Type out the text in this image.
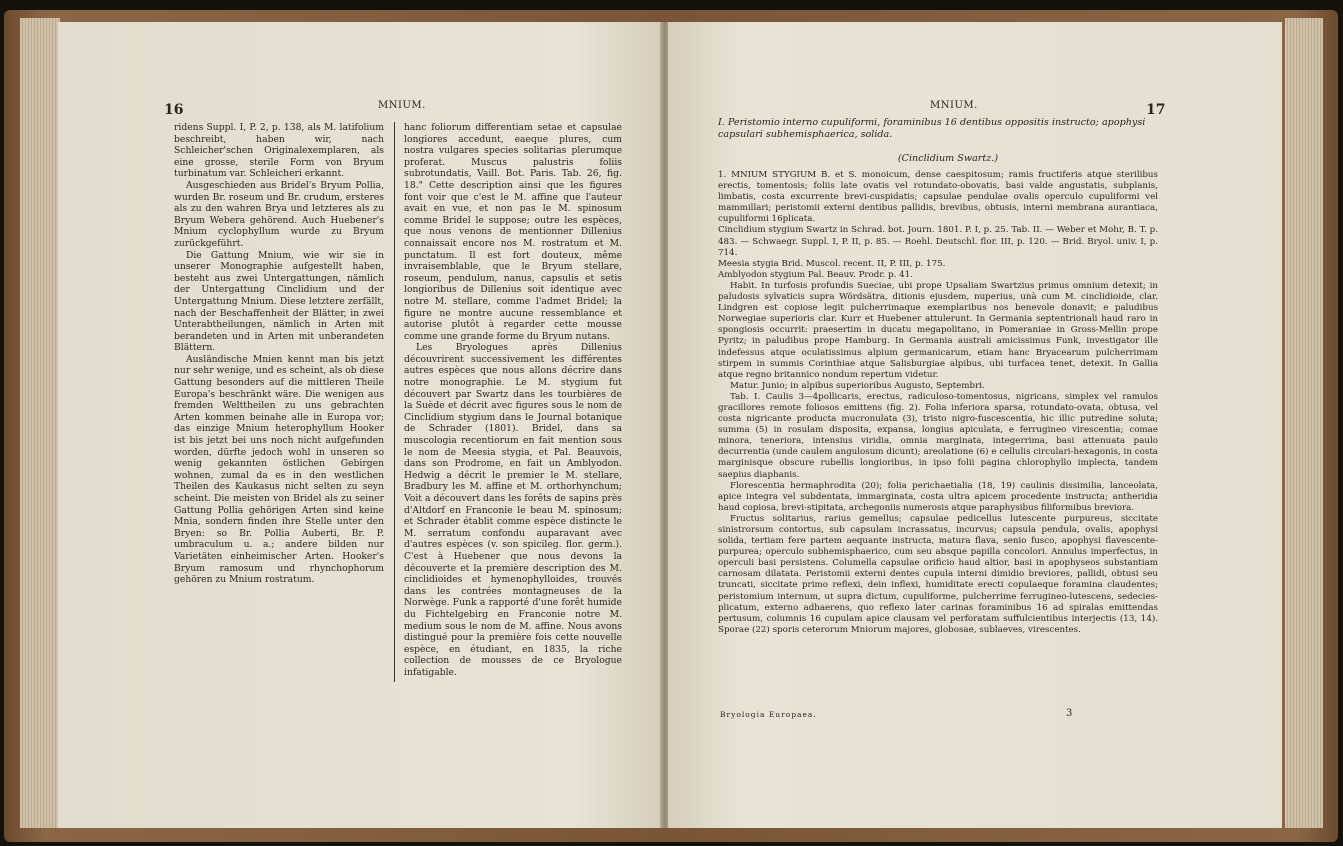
16	MNIUM.

ridens Suppl. I, P. 2, p. 138, als M. latifolium beschreibt, haben wir, nach Schleicher'schen Originalexemplaren, als eine grosse, sterile Form von Bryum turbinatum var. Schleicheri erkannt.

Ausgeschieden aus Bridel's Bryum Pollia, wurden Br. roseum und Br. crudum, ersteres als zu den wahren Brya und letzteres als zu Bryum Webera gehörend. Auch Huebener's Mnium cyclophyllum wurde zu Bryum zurückgeführt.

Die Gattung Mnium, wie wir sie in unserer Monographie aufgestellt haben, besteht aus zwei Untergattungen, nämlich der Untergattung Cinclidium und der Untergattung Mnium. Diese letztere zerfällt, nach der Beschaffenheit der Blätter, in zwei Unterabtheilungen, nämlich in Arten mit berandeten und in Arten mit unberandeten Blättern.

Ausländische Mnien kennt man bis jetzt nur sehr wenige, und es scheint, als ob diese Gattung besonders auf die mittleren Theile Europa's beschränkt wäre. Die wenigen aus fremden Welttheilen zu uns gebrachten Arten kommen beinahe alle in Europa vor; das einzige Mnium heterophyllum Hooker ist bis jetzt bei uns noch nicht aufgefunden worden, dürfte jedoch wohl in unseren so wenig gekannten östlichen Gebirgen wohnen, zumal da es in den westlichen Theilen des Kaukasus nicht selten zu seyn scheint. Die meisten von Bridel als zu seiner Gattung Pollia gehörigen Arten sind keine Mnia, sondern finden ihre Stelle unter den Bryen: so Br. Pollia Auberti, Br. P. umbraculum u. a.; andere bilden nur Varietäten einheimischer Arten. Hooker's Bryum ramosum und rhynchophorum gehören zu Mnium rostratum.

hanc foliorum differentiam setae et capsulae longiores accedunt, eaeque plures, cum nostra vulgares species solitarias plerumque proferat. Muscus palustris foliis subrotundatis, Vaill. Bot. Paris. Tab. 26, fig. 18." Cette description ainsi que les figures font voir que c'est le M. affine que l'auteur avait en vue, et non pas le M. spinosum comme Bridel le suppose; outre les espèces, que nous venons de mentionner Dillenius connaissait encore nos M. rostratum et M. punctatum. Il est fort douteux, même invraisemblable, que le Bryum stellare, roseum, pendulum, nanus, capsulis et setis longioribus de Dillenius soit identique avec notre M. stellare, comme l'admet Bridel; la figure ne montre aucune ressemblance et autorise plutôt à regarder cette mousse comme une grande forme du Bryum nutans.

Les Bryologues après Dillenius découvrirent successivement les différentes autres espèces que nous allons décrire dans notre monographie. Le M. stygium fut découvert par Swartz dans les tourbières de la Suède et décrit avec figures sous le nom de Cinclidium stygium dans le Journal botanique de Schrader (1801). Bridel, dans sa muscologia recentiorum en fait mention sous le nom de Meesia stygia, et Pal. Beauvois, dans son Prodrome, en fait un Amblyodon. Hedwig a décrit le premier le M. stellare, Bradbury les M. affine et M. orthorhynchum; Voit a découvert dans les forêts de sapins près d'Altdorf en Franconie le beau M. spinosum; et Schrader établit comme espèce distincte le M. serratum confondu auparavant avec d'autres espèces (v. son spicileg. flor. germ.). C'est à Huebener que nous devons la découverte et la première description des M. cinclidioides et hymenophylloides, trouvés dans les contrées montagneuses de la Norwège. Funk a rapporté d'une forêt humide du Fichtelgebirg en Franconie notre M. medium sous le nom de M. affine. Nous avons distingué pour la première fois cette nouvelle espèce, en étudiant, en 1835, la riche collection de mousses de ce Bryologue infatigable.

MNIUM.	17
I. Peristomio interno cupuliformi, foraminibus 16 dentibus oppositis instructo; apophysi capsulari subhemisphaerica, solida.
(Cinclidium Swartz.)

1. MNIUM STYGIUM B. et S. monoicum, dense caespitosum; ramis fructiferis atque sterilibus erectis, tomentosis; foliis late ovatis vel rotundato-obovatis, basi valde angustatis, subplanis, limbatis, costa excurrente brevi-cuspidatis; capsulae pendulae ovalis operculo cupuliformi vel mammillari; peristomii externi dentibus pallidis, brevibus, obtusis, interni membrana aurantiaca, cupuliformi 16plicata.

Cinclidium stygium Swartz in Schrad. bot. Journ. 1801. P. I, p. 25. Tab. II. — Weber et Mohr, B. T. p. 483. — Schwaegr. Suppl. I, P. II, p. 85. — Roehl. Deutschl. flor. III, p. 120. — Brid. Bryol. univ. I, p. 714.

Meesia stygia Brid. Muscol. recent. II, P. III, p. 175.

Amblyodon stygium Pal. Beauv. Prodr. p. 41.

Habit. In turfosis profundis Sueciae, ubi prope Upsaliam Swartzius primus omnium detexit; in paludosis sylvaticis supra Wördsätra, ditionis ejusdem, nuperius, unà cum M. cinclidioide, clar. Lindgren est copiose legit pulcherrimaque exemplaribus nos benevole donavit; e paludibus Norwegiae superioris clar. Kurr et Huebener attulerunt. In Germania septentrionali haud raro in spongiosis occurrit: praesertim in ducatu megapolitano, in Pomeraniae in Gross-Mellin prope Pyritz; in paludibus prope Hamburg. In Germania australi amicissimus Funk, investigator ille indefessus atque oculatissimus alpium germanicarum, etiam hanc Bryacearum pulcherrimam stirpem in summis Corinthiae atque Salisburgiae alpibus, ubi turfacea tenet, detexit. In Gallia atque regno britannico nondum repertum videtur.

Matur. Junio; in alpibus superioribus Augusto, Septembri.

Tab. I. Caulis 3—4pollicaris, erectus, radiculoso-tomentosus, nigricans, simplex vel ramulos gracillores remote foliosos emittens (fig. 2). Folia inferiora sparsa, rotundato-ovata, obtusa, vel costa nigricante producta mucronulata (3), tristo nigro-fuscescentia, hic illic putredine soluta; summa (5) in rosulam disposita, expansa, longius apiculata, e ferrugineo virescentia; comae minora, teneriora, intensius viridia, omnia marginata, integerrima, basi attenuata paulo decurrentia (unde caulem angulosum dicunt); areolatione (6) e cellulis circulari-hexagonis, in costa marginisque obscure rubellis longioribus, in ipso folii pagina chlorophyllo implecta, tandem saepius diaphanis.

Florescentia hermaphrodita (20); folia perichaetialia (18, 19) caulinis dissimilia, lanceolata, apice integra vel subdentata, immarginata, costa ultra apicem procedente instructa; antheridia haud copiosa, brevi-stipitata, archegoniis numerosis atque paraphysibus filiformibus breviora.

Fructus solitarius, rarius gemellus; capsulae pedicellus lutescente purpureus, siccitate sinistrorsum contortus, sub capsulam incrassatus, incurvus; capsula pendula, ovalis, apophysi solida, tertiam fere partem aequante instructa, matura flava, senio fusco, apophysi flavescente-purpurea; operculo subhemisphaerico, cum seu absque papilla concolori. Annulus imperfectus, in operculi basi persistens. Columella capsulae orificio haud altior, basi in apophyseos substantiam carnosam dilatata. Peristomii externi dentes cupula interni dimidio breviores, pallidi, obtusi seu truncati, siccitate primo reflexi, dein inflexi, humiditate erecti copulaeque foramina claudentes; peristomium internum, ut supra dictum, cupuliforme, pulcherrime ferrugineo-lutescens, sedecies-plicatum, externo adhaerens, quo reflexo later carinas foraminibus 16 ad spiralas emittendas pertusum, columnis 16 cupulam apice clausam vel perforatam suffulcientibus interjectis (13, 14). Sporae (22) sporis ceterorum Mniorum majores, globosae, sublaeves, virescentes.

Bryologia Europaea.	3
